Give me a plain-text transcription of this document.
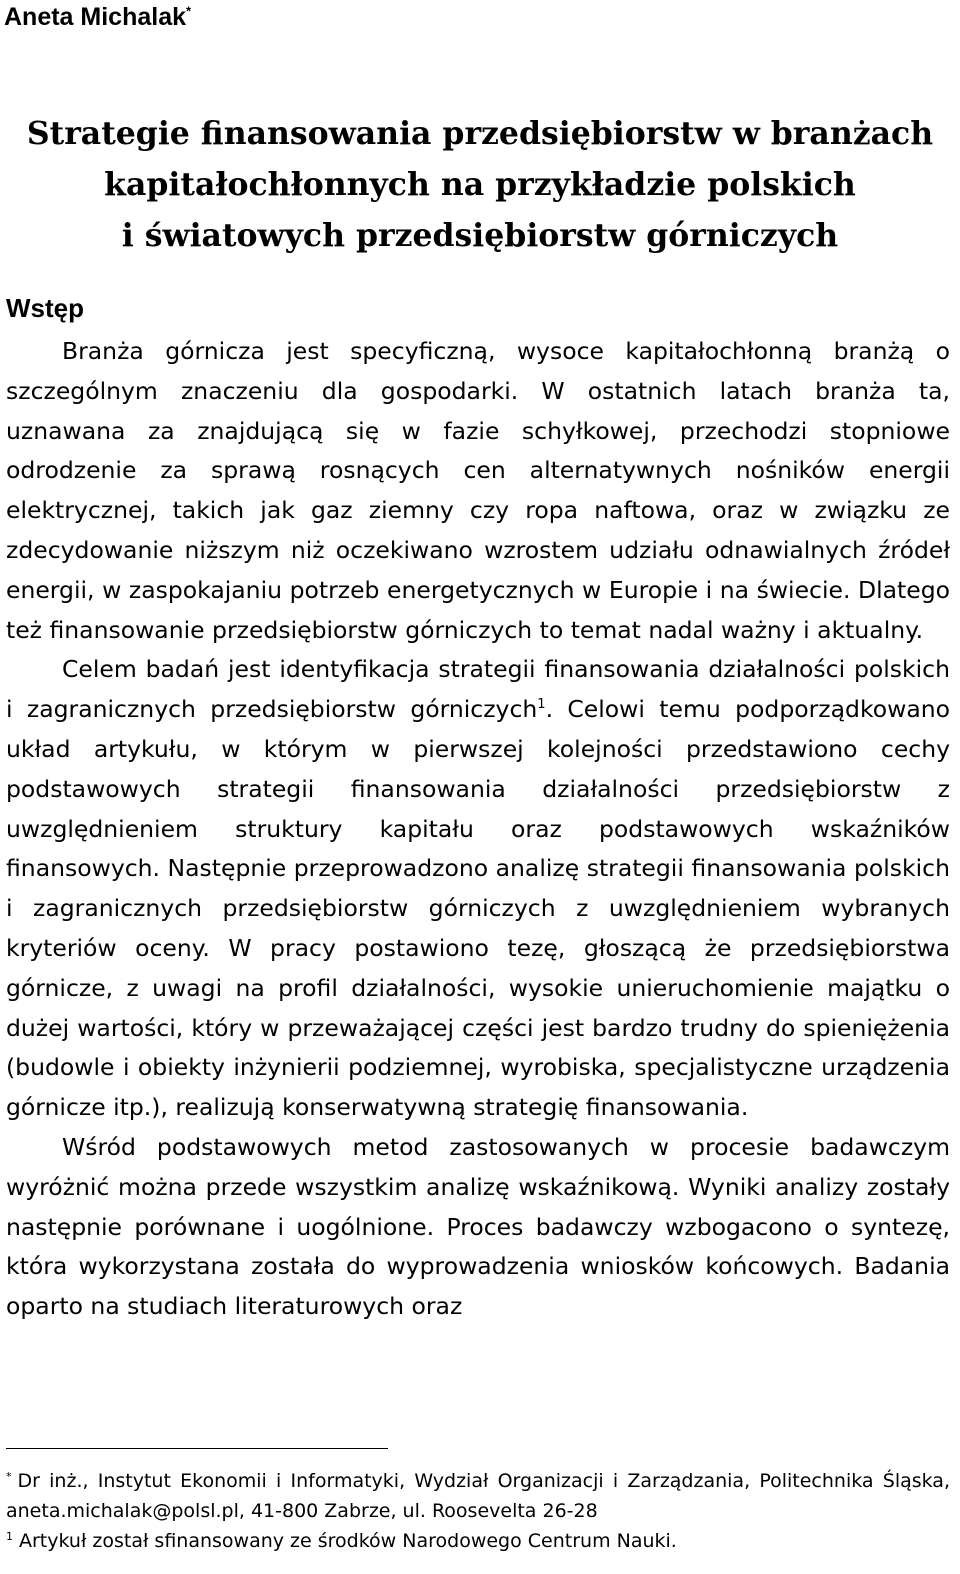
Aneta Michalak*
Strategie finansowania przedsiębiorstw w branżach
kapitałochłonnych na przykładzie polskich
i światowych przedsiębiorstw górniczych
Wstęp

Branża górnicza jest specyficzną, wysoce kapitałochłonną branżą o szczególnym znaczeniu dla gospodarki. W ostatnich latach branża ta, uznawana za znajdującą się w fazie schyłkowej, przechodzi stopniowe odrodzenie za sprawą rosnących cen alternatywnych nośników energii elektrycznej, takich jak gaz ziemny czy ropa naftowa, oraz w związku ze zdecydowanie niższym niż oczekiwano wzrostem udziału odnawialnych źródeł energii, w zaspokajaniu potrzeb energetycznych w Europie i na świecie. Dlatego też finansowanie przedsiębiorstw górniczych to temat nadal ważny i aktualny.

Celem badań jest identyfikacja strategii finansowania działalności polskich i zagranicznych przedsiębiorstw górniczych$^1$. Celowi temu podporządkowano układ artykułu, w którym w pierwszej kolejności przedstawiono cechy podstawowych strategii finansowania działalności przedsiębiorstw z uwzględnieniem struktury kapitału oraz podstawowych wskaźników finansowych. Następnie przeprowadzono analizę strategii finansowania polskich i zagranicznych przedsiębiorstw górniczych z uwzględnieniem wybranych kryteriów oceny. W pracy postawiono tezę, głoszącą że przedsiębiorstwa górnicze, z uwagi na profil działalności, wysokie unieruchomienie majątku o dużej wartości, który w przeważającej części jest bardzo trudny do spieniężenia (budowle i obiekty inżynierii podziemnej, wyrobiska, specjalistyczne urządzenia górnicze itp.), realizują konserwatywną strategię finansowania.

Wśród podstawowych metod zastosowanych w procesie badawczym wyróżnić można przede wszystkim analizę wskaźnikową. Wyniki analizy zostały następnie porównane i uogólnione. Proces badawczy wzbogacono o syntezę, która wykorzystana została do wyprowadzenia wniosków końcowych. Badania oparto na studiach literaturowych oraz

* Dr inż., Instytut Ekonomii i Informatyki, Wydział Organizacji i Zarządzania, Politechnika Śląska, aneta.michalak@polsl.pl, 41-800 Zabrze, ul. Roosevelta 26-28

$^1$ Artykuł został sfinansowany ze środków Narodowego Centrum Nauki.
